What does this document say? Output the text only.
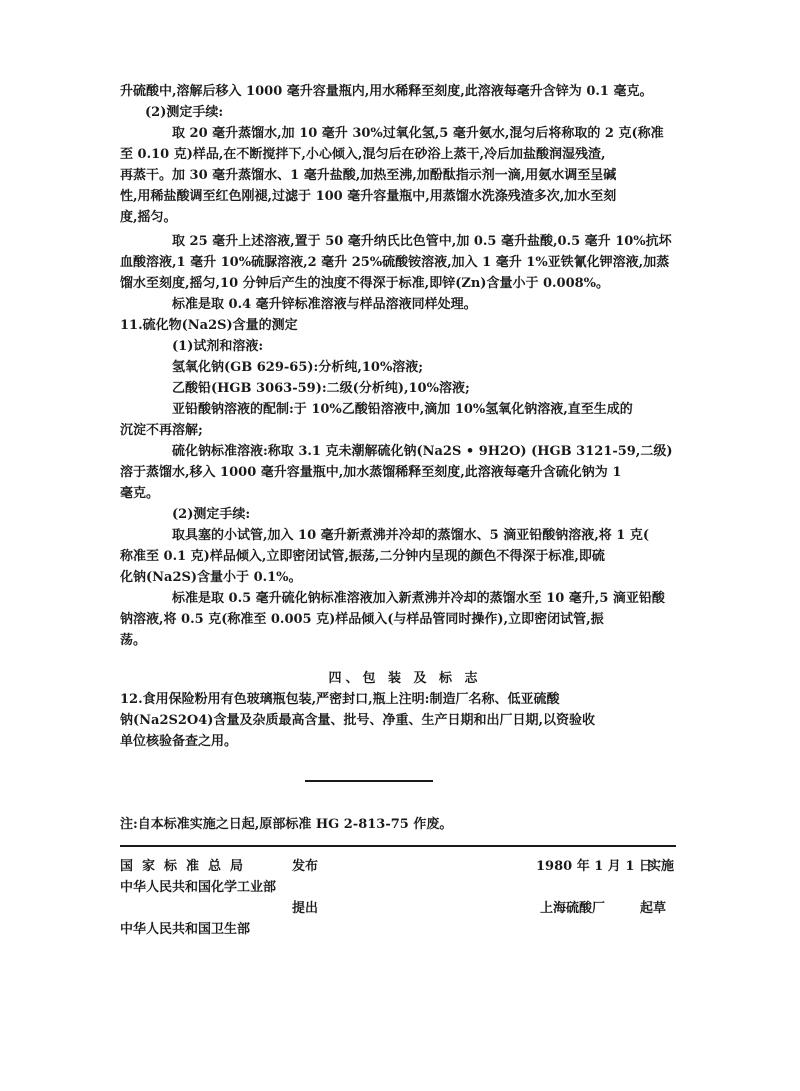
升硫酸中,溶解后移入 1000 毫升容量瓶内,用水稀释至刻度,此溶液每毫升含锌为 0.1 毫克。
(2)测定手续:
取 20 毫升蒸馏水,加 10 毫升 30%过氧化氢,5 毫升氨水,混匀后将称取的 2 克(称准
至 0.10 克)样品,在不断搅拌下,小心倾入,混匀后在砂浴上蒸干,冷后加盐酸润湿残渣,
再蒸干。加 30 毫升蒸馏水、1 毫升盐酸,加热至沸,加酚酞指示剂一滴,用氨水调至呈碱
性,用稀盐酸调至红色刚褪,过滤于 100 毫升容量瓶中,用蒸馏水洗涤残渣多次,加水至刻
度,摇匀。
取 25 毫升上述溶液,置于 50 毫升纳氏比色管中,加 0.5 毫升盐酸,0.5 毫升 10%抗坏
血酸溶液,1 毫升 10%硫脲溶液,2 毫升 25%硫酸铵溶液,加入 1 毫升 1%亚铁氰化钾溶液,加蒸
馏水至刻度,摇匀,10 分钟后产生的浊度不得深于标准,即锌(Zn)含量小于 0.008%。
标准是取 0.4 毫升锌标准溶液与样品溶液同样处理。
11.硫化物(Na2S)含量的测定
(1)试剂和溶液:
氢氧化钠(GB 629-65):分析纯,10%溶液;
乙酸铅(HGB 3063-59):二级(分析纯),10%溶液;
亚铅酸钠溶液的配制:于 10%乙酸铅溶液中,滴加 10%氢氧化钠溶液,直至生成的
沉淀不再溶解;
硫化钠标准溶液:称取 3.1 克未潮解硫化钠(Na2S • 9H2O) (HGB 3121-59,二级)
溶于蒸馏水,移入 1000 毫升容量瓶中,加水蒸馏稀释至刻度,此溶液每毫升含硫化钠为 1
毫克。
(2)测定手续:
取具塞的小试管,加入 10 毫升新煮沸并冷却的蒸馏水、5 滴亚铅酸钠溶液,将 1 克(
称准至 0.1 克)样品倾入,立即密闭试管,振荡,二分钟内呈现的颜色不得深于标准,即硫
化钠(Na2S)含量小于 0.1%。
标准是取 0.5 毫升硫化钠标准溶液加入新煮沸并冷却的蒸馏水至 10 毫升,5 滴亚铅酸
钠溶液,将 0.5 克(称准至 0.005 克)样品倾入(与样品管同时操作),立即密闭试管,振
荡。
四、包 装 及 标 志
12.食用保险粉用有色玻璃瓶包装,严密封口,瓶上注明:制造厂名称、低亚硫酸
钠(Na2S2O4)含量及杂质最高含量、批号、净重、生产日期和出厂日期,以资验收
单位核验备查之用。
注:自本标准实施之日起,原部标准 HG 2-813-75 作废。
国家标准总局	发布	1980 年 1 月 1 日
实施
中华人民共和国化学工业部
提出	上海硫酸厂	起草
中华人民共和国卫生部
